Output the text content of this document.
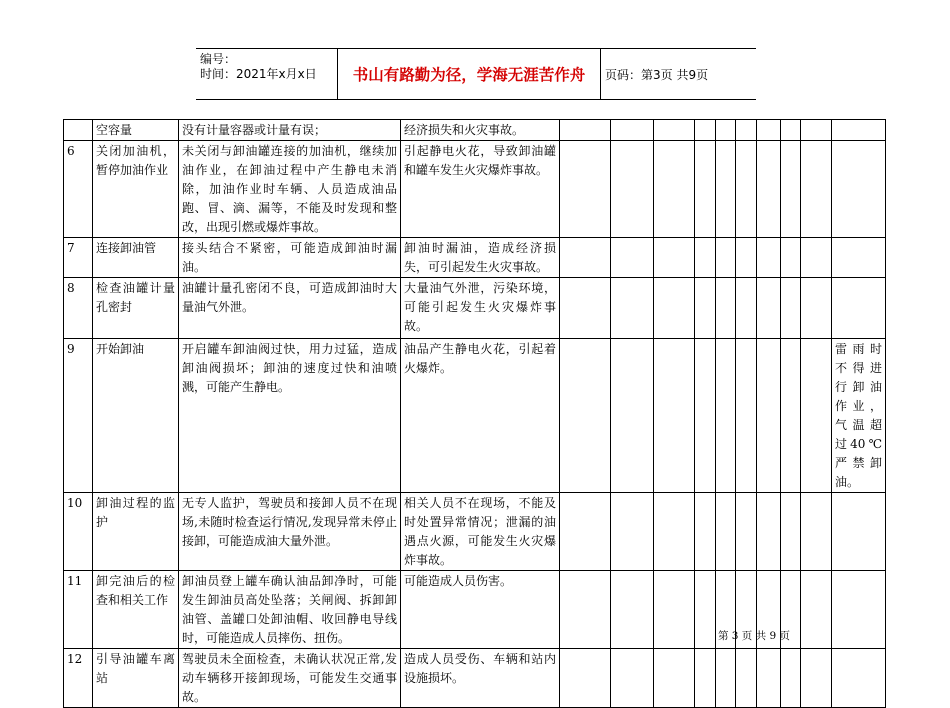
编号：
时间：2021年x月x日	书山有路勤为径，学海无涯苦作舟	页码：第3页 共9页
	空容量	没有计量容器或计量有误；	经济损失和火灾事故。										
6	关闭加油机，暂停加油作业	未关闭与卸油罐连接的加油机，继续加油作业，在卸油过程中产生静电未消除，加油作业时车辆、人员造成油品跑、冒、滴、漏等，不能及时发现和整改，出现引燃或爆炸事故。	引起静电火花，导致卸油罐和罐车发生火灾爆炸事故。										
7	连接卸油管	接头结合不紧密，可能造成卸油时漏油。	卸油时漏油，造成经济损失，可引起发生火灾事故。										
8	检查油罐计量孔密封	油罐计量孔密闭不良，可造成卸油时大量油气外泄。	大量油气外泄，污染环境，可能引起发生火灾爆炸事故。										
9	开始卸油	开启罐车卸油阀过快，用力过猛，造成卸油阀损坏；卸油的速度过快和油喷溅，可能产生静电。	油品产生静电火花，引起着火爆炸。										雷雨时不得进行卸油作业，气温超过40℃严禁卸油。
10	卸油过程的监护	无专人监护，驾驶员和接卸人员不在现场,未随时检查运行情况,发现异常未停止接卸，可能造成油大量外泄。	相关人员不在现场，不能及时处置异常情况；泄漏的油遇点火源，可能发生火灾爆炸事故。										
11	卸完油后的检查和相关工作	卸油员登上罐车确认油品卸净时，可能发生卸油员高处坠落；关闸阀、拆卸卸油管、盖罐口处卸油帽、收回静电导线时，可能造成人员摔伤、扭伤。	可能造成人员伤害。										
12	引导油罐车离站	驾驶员未全面检查，未确认状况正常,发动车辆移开接卸现场，可能发生交通事故。	造成人员受伤、车辆和站内设施损坏。										
第 3 页 共 9 页
